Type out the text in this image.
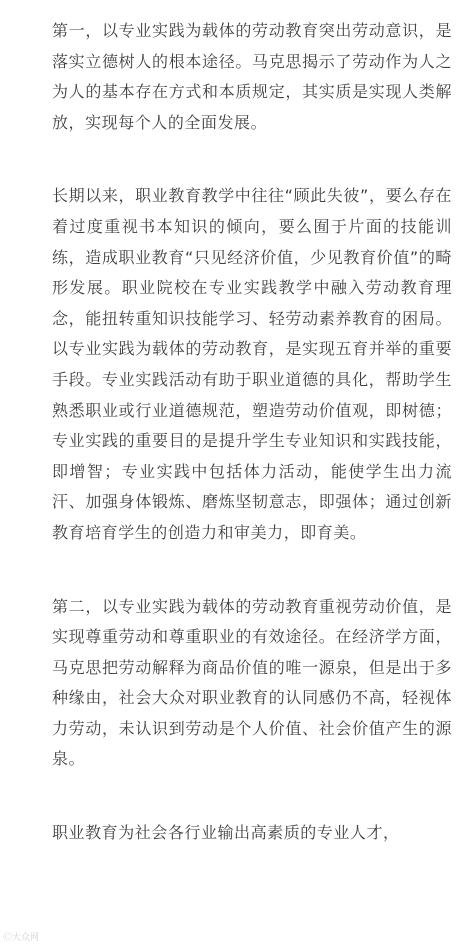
第一，以专业实践为载体的劳动教育突出劳动意识，是落实立德树人的根本途径。马克思揭示了劳动作为人之为人的基本存在方式和本质规定，其实质是实现人类解放，实现每个人的全面发展。

长期以来，职业教育教学中往往“顾此失彼”，要么存在着过度重视书本知识的倾向，要么囿于片面的技能训练，造成职业教育“只见经济价值，少见教育价值”的畸形发展。职业院校在专业实践教学中融入劳动教育理念，能扭转重知识技能学习、轻劳动素养教育的困局。以专业实践为载体的劳动教育，是实现五育并举的重要手段。专业实践活动有助于职业道德的具化，帮助学生熟悉职业或行业道德规范，塑造劳动价值观，即树德；专业实践的重要目的是提升学生专业知识和实践技能，即增智；专业实践中包括体力活动，能使学生出力流汗、加强身体锻炼、磨炼坚韧意志，即强体；通过创新教育培育学生的创造力和审美力，即育美。

第二，以专业实践为载体的劳动教育重视劳动价值，是实现尊重劳动和尊重职业的有效途径。在经济学方面，马克思把劳动解释为商品价值的唯一源泉，但是出于多种缘由，社会大众对职业教育的认同感仍不高，轻视体力劳动，未认识到劳动是个人价值、社会价值产生的源泉。

职业教育为社会各行业输出高素质的专业人才，

Ⓒ大众网
